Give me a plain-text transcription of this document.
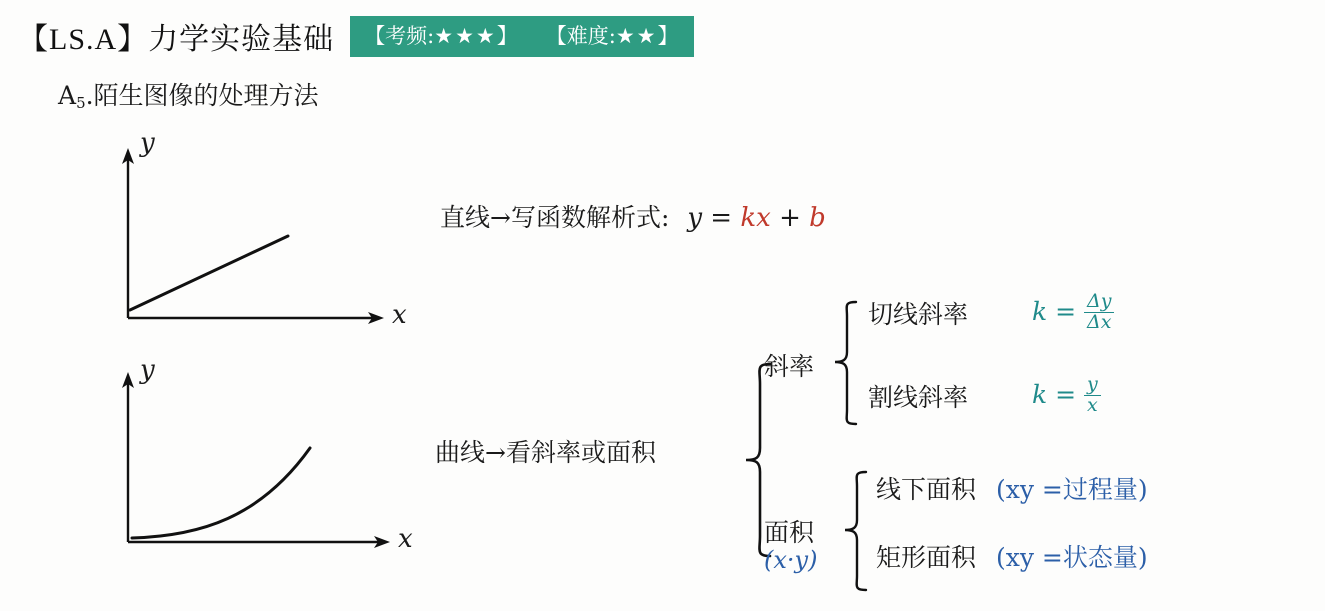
【LS.A】力学实验基础 【考频:★★★】 【难度:★★】
$A_5$.陌生图像的处理方法
y
x
y
x
直线→写函数解析式: y = kx + b
曲线→看斜率或面积
斜率
切线斜率	$k = \frac{\Delta y}{\Delta x}$
割线斜率	$k = \frac{y}{x}$
面积
(x·y)
线下面积 (xy =过程量)
矩形面积 (xy =状态量)
